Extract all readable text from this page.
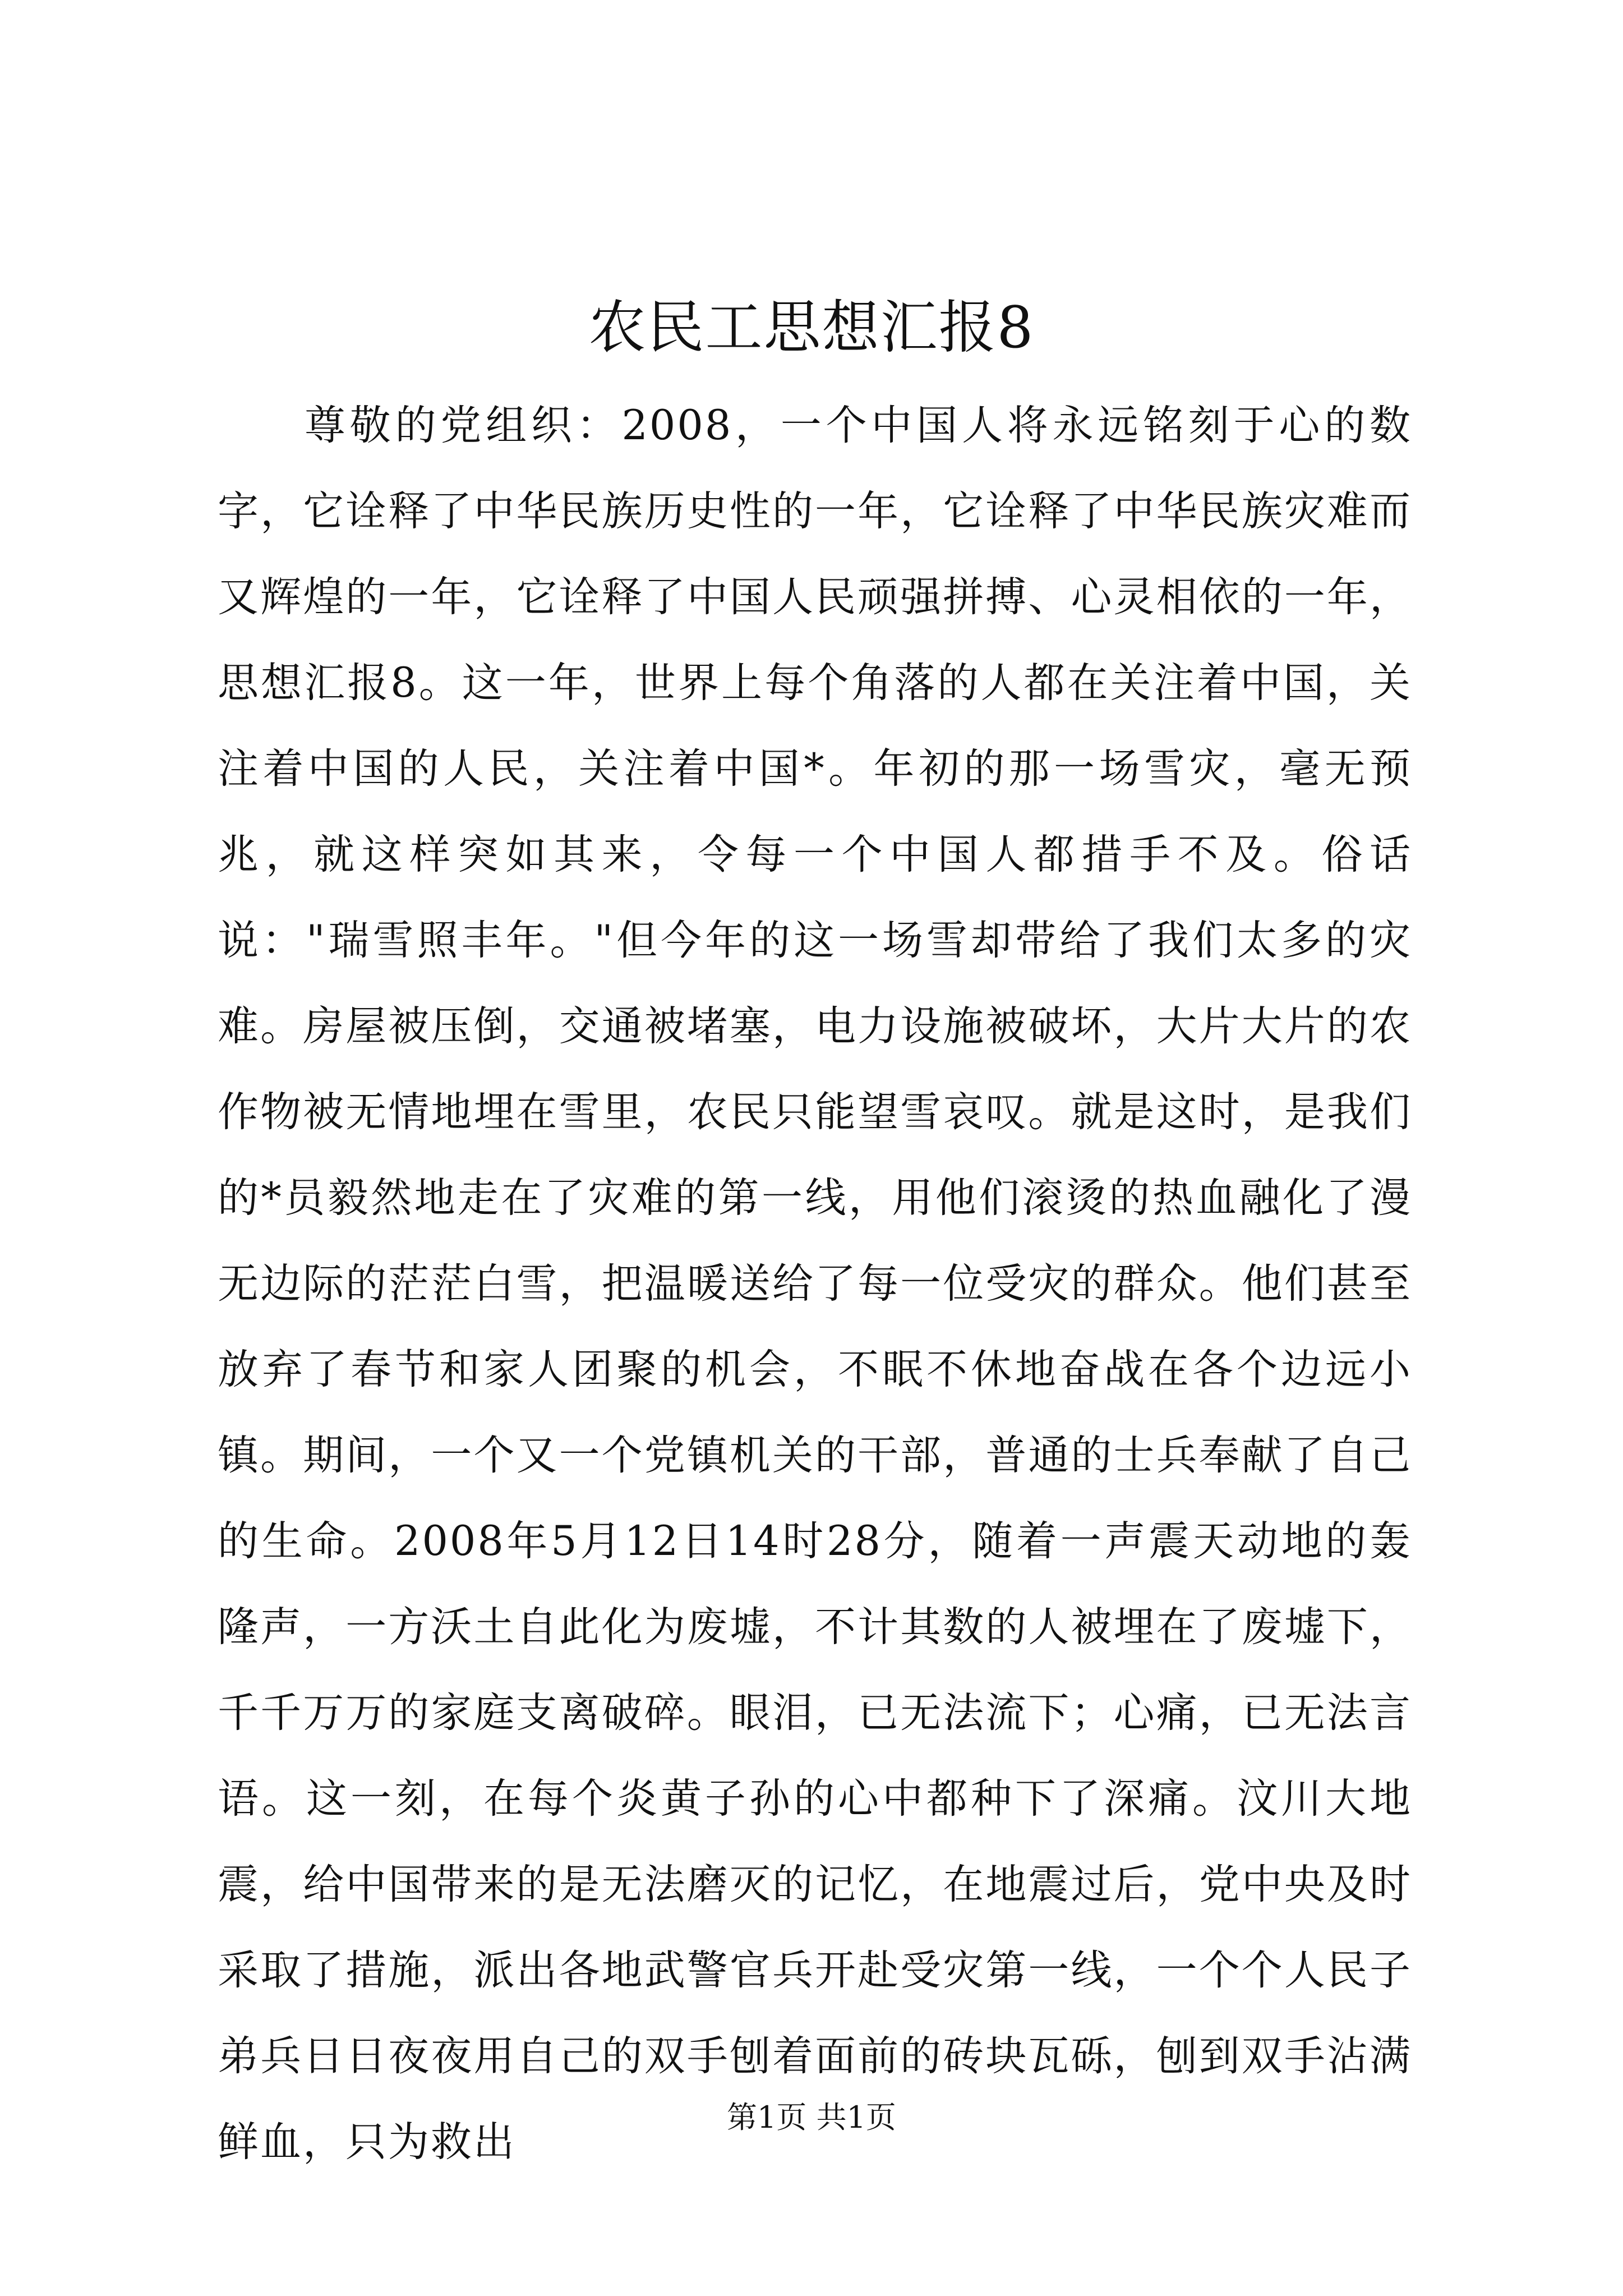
农民工思想汇报8

尊敬的党组织：2008，一个中国人将永远铭刻于心的数字，它诠释了中华民族历史性的一年，它诠释了中华民族灾难而又辉煌的一年，它诠释了中国人民顽强拼搏、心灵相依的一年，思想汇报8。这一年，世界上每个角落的人都在关注着中国，关注着中国的人民，关注着中国*。年初的那一场雪灾，毫无预兆，就这样突如其来，令每一个中国人都措手不及。俗话说："瑞雪照丰年。"但今年的这一场雪却带给了我们太多的灾难。房屋被压倒，交通被堵塞，电力设施被破坏，大片大片的农作物被无情地埋在雪里，农民只能望雪哀叹。就是这时，是我们的*员毅然地走在了灾难的第一线，用他们滚烫的热血融化了漫无边际的茫茫白雪，把温暖送给了每一位受灾的群众。他们甚至放弃了春节和家人团聚的机会，不眠不休地奋战在各个边远小镇。期间，一个又一个党镇机关的干部，普通的士兵奉献了自己的生命。2008年5月12日14时28分，随着一声震天动地的轰隆声，一方沃土自此化为废墟，不计其数的人被埋在了废墟下，千千万万的家庭支离破碎。眼泪，已无法流下；心痛，已无法言语。这一刻，在每个炎黄子孙的心中都种下了深痛。汶川大地震，给中国带来的是无法磨灭的记忆，在地震过后，党中央及时采取了措施，派出各地武警官兵开赴受灾第一线，一个个人民子弟兵日日夜夜用自己的双手刨着面前的砖块瓦砾，刨到双手沾满鲜血，只为救出

第1页 共1页
